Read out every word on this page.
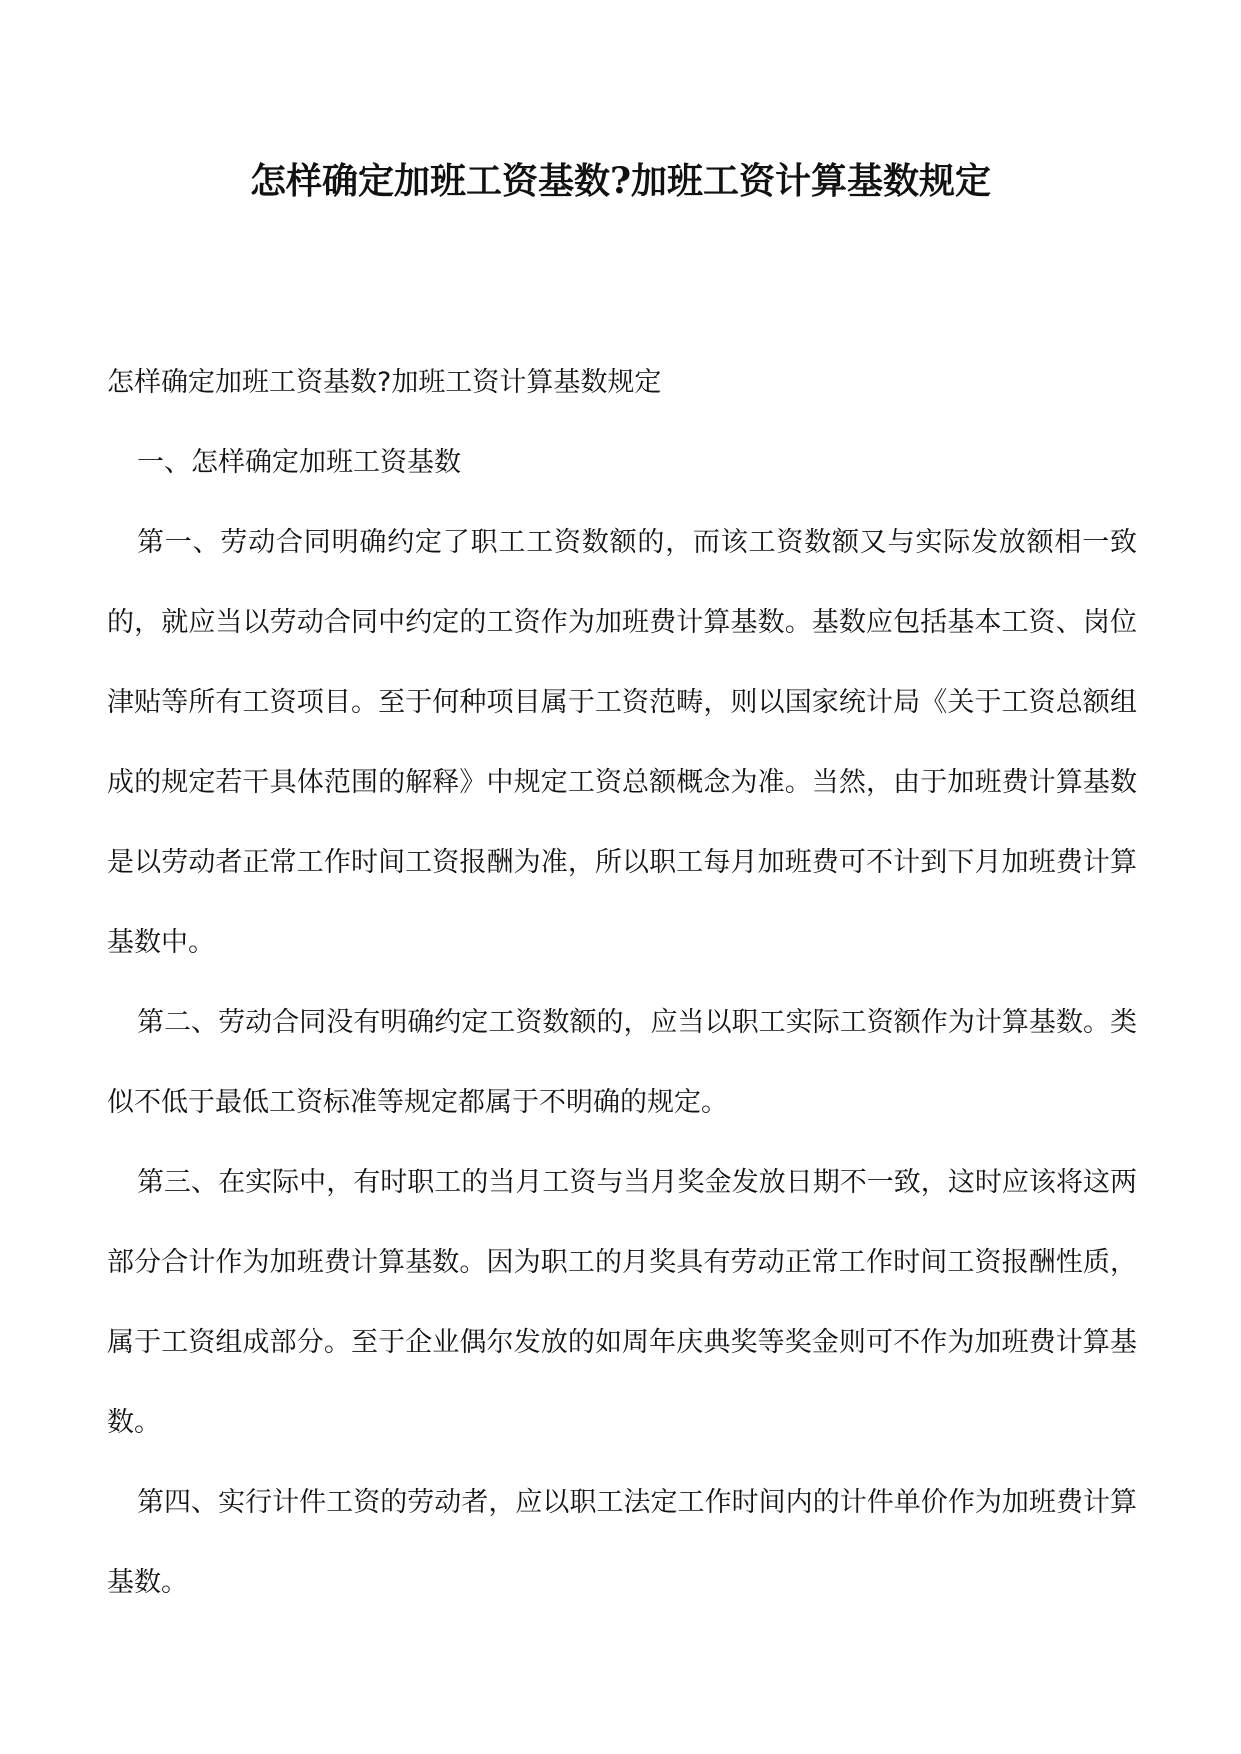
怎样确定加班工资基数?加班工资计算基数规定

怎样确定加班工资基数?加班工资计算基数规定

一、怎样确定加班工资基数

第一、劳动合同明确约定了职工工资数额的，而该工资数额又与实际发放额相一致的，就应当以劳动合同中约定的工资作为加班费计算基数。基数应包括基本工资、岗位津贴等所有工资项目。至于何种项目属于工资范畴，则以国家统计局《关于工资总额组成的规定若干具体范围的解释》中规定工资总额概念为准。当然，由于加班费计算基数是以劳动者正常工作时间工资报酬为准，所以职工每月加班费可不计到下月加班费计算基数中。

第二、劳动合同没有明确约定工资数额的，应当以职工实际工资额作为计算基数。类似不低于最低工资标准等规定都属于不明确的规定。

第三、在实际中，有时职工的当月工资与当月奖金发放日期不一致，这时应该将这两部分合计作为加班费计算基数。因为职工的月奖具有劳动正常工作时间工资报酬性质，属于工资组成部分。至于企业偶尔发放的如周年庆典奖等奖金则可不作为加班费计算基数。

第四、实行计件工资的劳动者，应以职工法定工作时间内的计件单价作为加班费计算基数。
